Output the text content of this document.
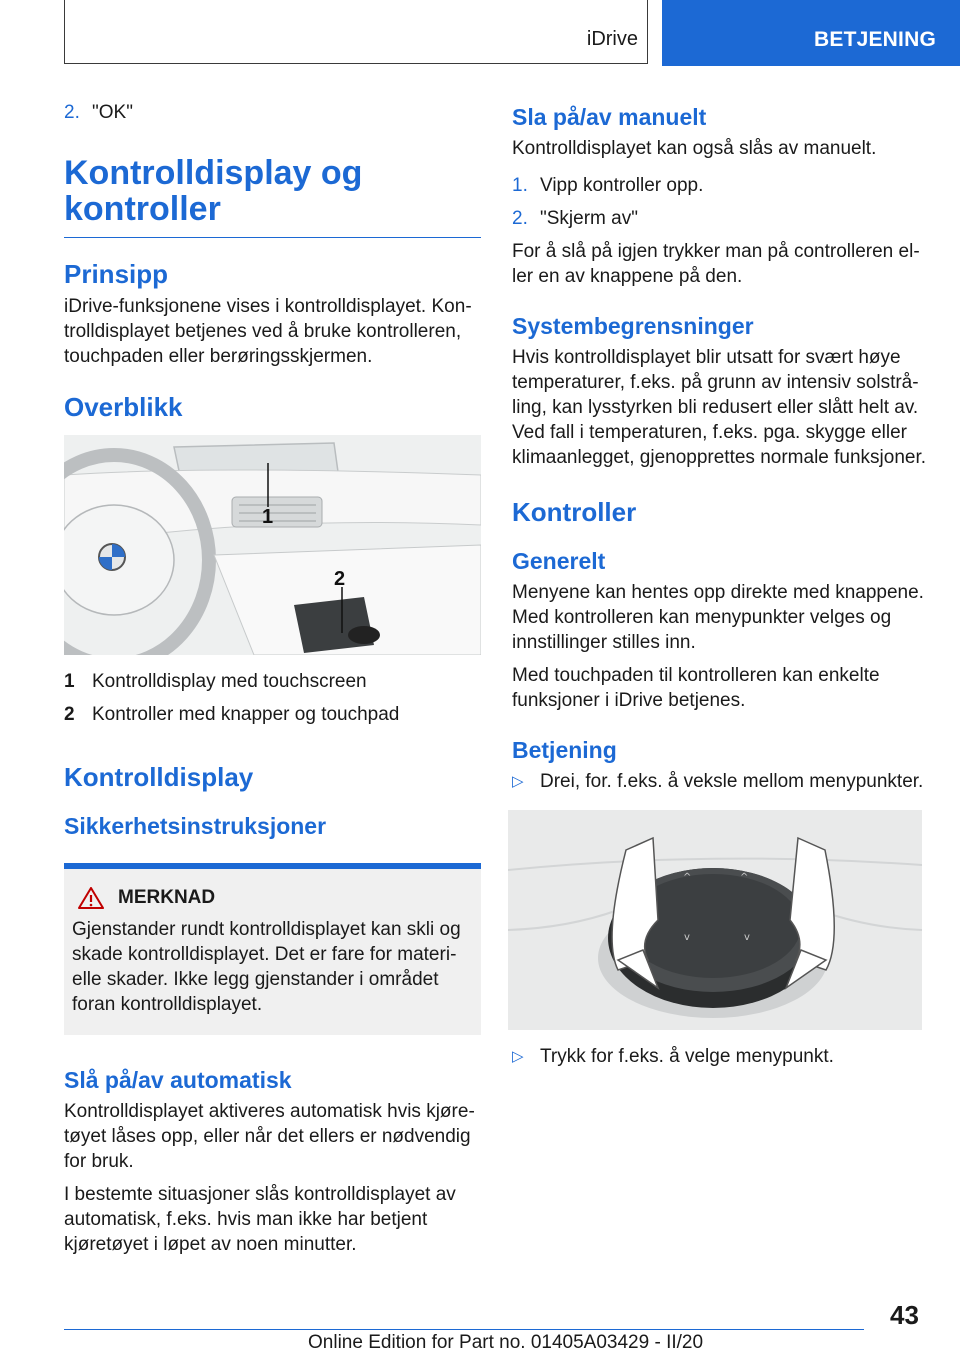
iDrive	BETJENING
2. "OK"
Kontrolldisplay og
kontroller
Prinsipp

iDrive-funksjonene vises i kontrolldisplayet. Kontrolldisplayet betjenes ved å bruke kontrolleren, touchpaden eller berøringsskjermen.

Overblikk
1
2
1 Kontrolldisplay med touchscreen
2 Kontroller med knapper og touchpad
Kontrolldisplay
Sikkerhetsinstruksjoner
MERKNAD

Gjenstander rundt kontrolldisplayet kan skli og skade kontrolldisplayet. Det er fare for materielle skader. Ikke legg gjenstander i området foran kontrolldisplayet.

Slå på/av automatisk

Kontrolldisplayet aktiveres automatisk hvis kjøretøyet låses opp, eller når det ellers er nødvendig for bruk.

I bestemte situasjoner slås kontrolldisplayet av automatisk, f.eks. hvis man ikke har betjent kjøretøyet i løpet av noen minutter.

Sla på/av manuelt

Kontrolldisplayet kan også slås av manuelt.

1. Vipp kontroller opp.
2. "Skjerm av"

For å slå på igjen trykker man på controlleren eller en av knappene på den.

Systembegrensninger

Hvis kontrolldisplayet blir utsatt for svært høye temperaturer, f.eks. på grunn av intensiv solstråling, kan lysstyrken bli redusert eller slått helt av. Ved fall i temperaturen, f.eks. pga. skygge eller klimaanlegget, gjenopprettes normale funksjoner.

Kontroller
Generelt

Menyene kan hentes opp direkte med knappene. Med kontrolleren kan menypunkter velges og innstillinger stilles inn.

Med touchpaden til kontrolleren kan enkelte funksjoner i iDrive betjenes.

Betjening
▷ Drei, for. f.eks. å veksle mellom menypunkter.
^	^
v	v
▷ Trykk for f.eks. å velge menypunkt.
43
Online Edition for Part no. 01405A03429 - II/20
